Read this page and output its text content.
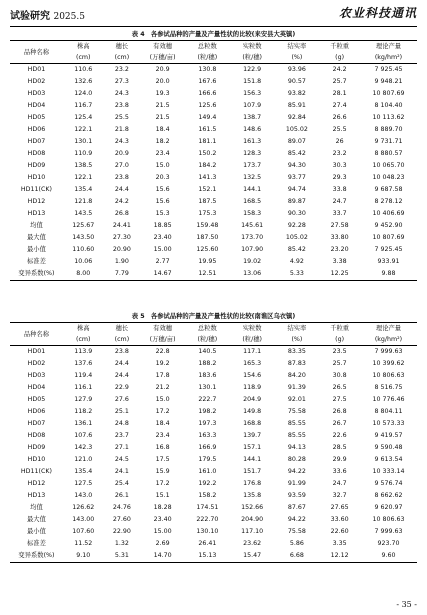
试验研究 2025.5	农业科技通讯
表 4　各参试品种的产量及产量性状的比较(来安县大英镇)
品种名称	株高	穗长	有效穗	总粒数	实粒数	结实率	千粒重	理论产量
	(cm)	(cm)	(万穗/亩)	(粒/穗)	(粒/穗)	(%)	(g)	(kg/hm²)
HD01	110.6	23.2	20.9	130.8	122.9	93.96	24.2	7 925.45
HD02	132.6	27.3	20.0	167.6	151.8	90.57	25.7	9 948.21
HD03	124.0	24.3	19.3	166.6	156.3	93.82	28.1	10 807.69
HD04	116.7	23.8	21.5	125.6	107.9	85.91	27.4	8 104.40
HD05	125.4	25.5	21.5	149.4	138.7	92.84	26.6	10 113.62
HD06	122.1	21.8	18.4	161.5	148.6	105.02	25.5	8 889.70
HD07	130.1	24.3	18.2	181.1	161.3	89.07	26	9 731.71
HD08	110.9	20.9	23.4	150.2	128.3	85.42	23.2	8 880.57
HD09	138.5	27.0	15.0	184.2	173.7	94.30	30.3	10 065.70
HD10	122.1	23.8	20.3	141.3	132.5	93.77	29.3	10 048.23
HD11(CK)	135.4	24.4	15.6	152.1	144.1	94.74	33.8	9 687.58
HD12	121.8	24.2	15.6	187.5	168.5	89.87	24.7	8 278.12
HD13	143.5	26.8	15.3	175.3	158.3	90.30	33.7	10 406.69
均值	125.67	24.41	18.85	159.48	145.61	92.28	27.58	9 452.90
最大值	143.50	27.30	23.40	187.50	173.70	105.02	33.80	10 807.69
最小值	110.60	20.90	15.00	125.60	107.90	85.42	23.20	7 925.45
标准差	10.06	1.90	2.77	19.95	19.02	4.92	3.38	933.91
变异系数(%)	8.00	7.79	14.67	12.51	13.06	5.33	12.25	9.88
表 5　各参试品种的产量及产量性状的比较(南谯区乌衣镇)
品种名称	株高	穗长	有效穗	总粒数	实粒数	结实率	千粒重	理论产量
	(cm)	(cm)	(万穗/亩)	(粒/穗)	(粒/穗)	(%)	(g)	(kg/hm²)
HD01	113.9	23.8	22.8	140.5	117.1	83.35	23.5	7 999.63
HD02	137.6	24.4	19.2	188.2	165.3	87.83	25.7	10 399.62
HD03	119.4	24.4	17.8	183.6	154.6	84.20	30.8	10 806.63
HD04	116.1	22.9	21.2	130.1	118.9	91.39	26.5	8 516.75
HD05	127.9	27.6	15.0	222.7	204.9	92.01	27.5	10 776.46
HD06	118.2	25.1	17.2	198.2	149.8	75.58	26.8	8 804.11
HD07	136.1	24.8	18.4	197.3	168.8	85.55	26.7	10 573.33
HD08	107.6	23.7	23.4	163.3	139.7	85.55	22.6	9 419.57
HD09	142.3	27.1	16.8	166.9	157.1	94.13	28.5	9 590.48
HD10	121.0	24.5	17.5	179.5	144.1	80.28	29.9	9 613.54
HD11(CK)	135.4	24.1	15.9	161.0	151.7	94.22	33.6	10 333.14
HD12	127.5	25.4	17.2	192.2	176.8	91.99	24.7	9 576.74
HD13	143.0	26.1	15.1	158.2	135.8	93.59	32.7	8 662.62
均值	126.62	24.76	18.28	174.51	152.66	87.67	27.65	9 620.97
最大值	143.00	27.60	23.40	222.70	204.90	94.22	33.60	10 806.63
最小值	107.60	22.90	15.00	130.10	117.10	75.58	22.60	7 999.63
标准差	11.52	1.32	2.69	26.41	23.62	5.86	3.35	923.70
变异系数(%)	9.10	5.31	14.70	15.13	15.47	6.68	12.12	9.60
- 35 -
